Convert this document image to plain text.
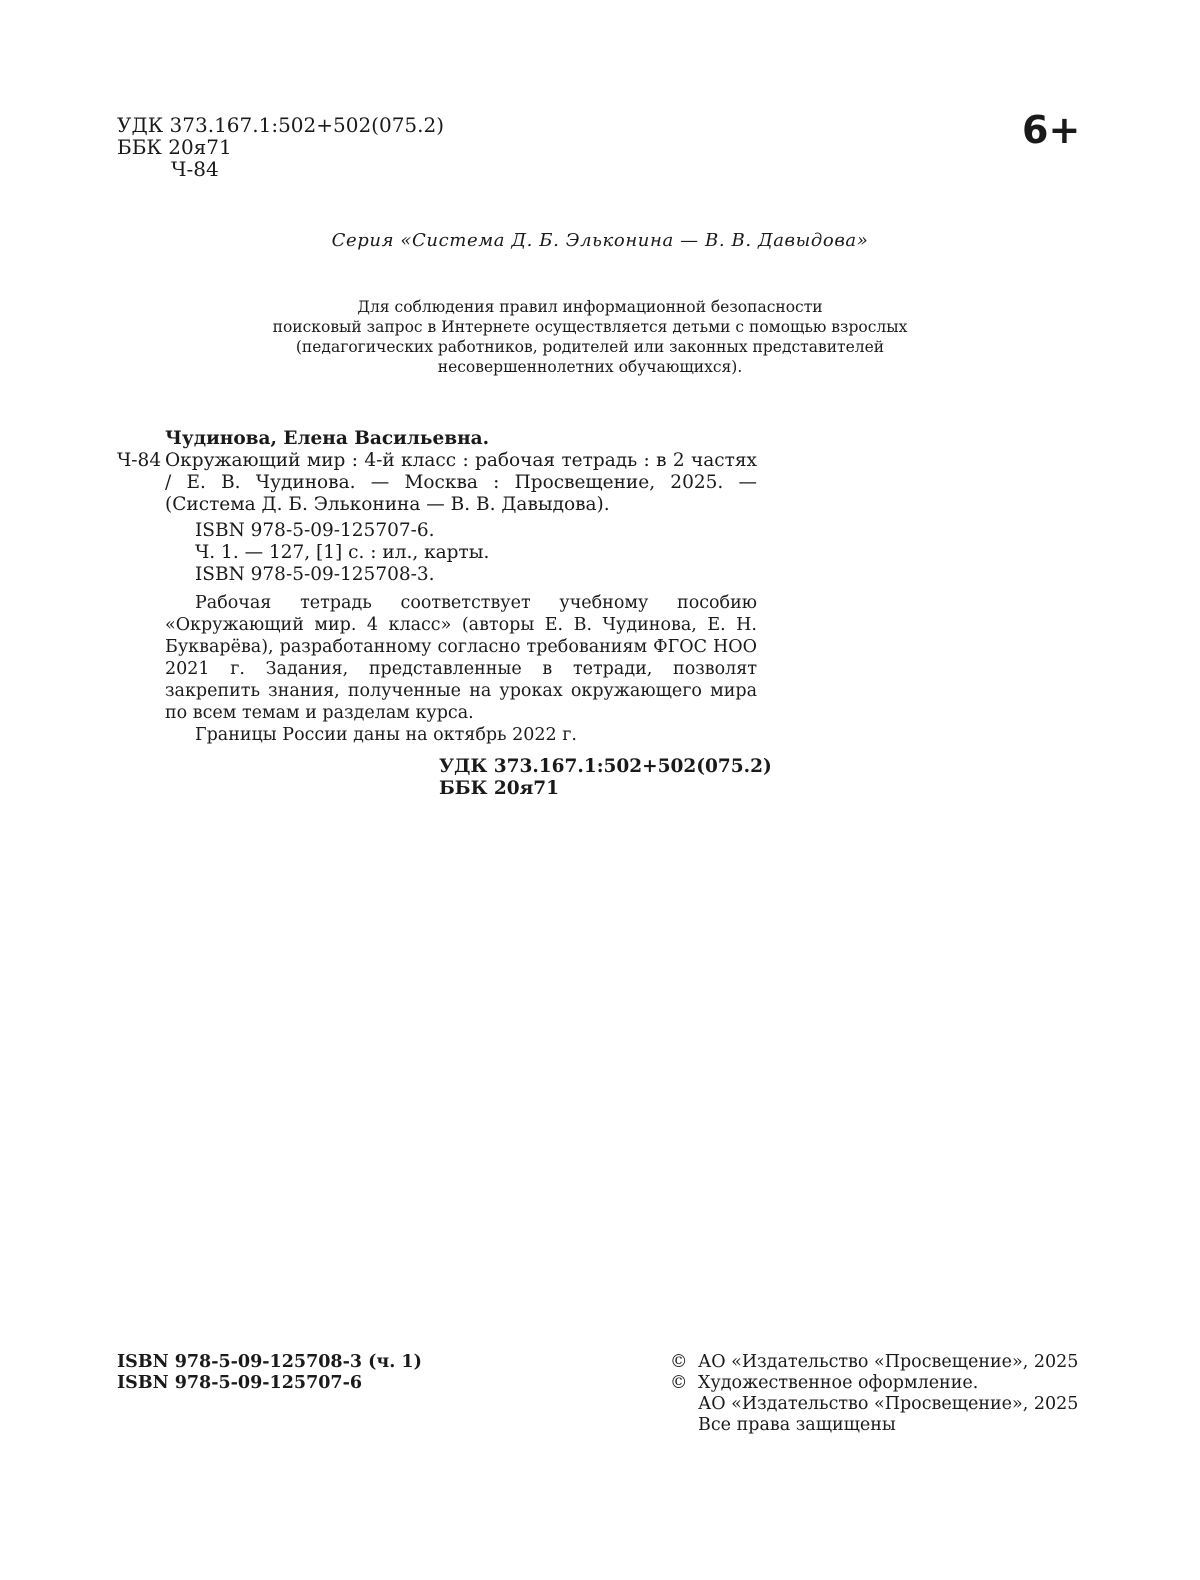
УДК 373.167.1:502+502(075.2)
ББК 20я71
Ч-84
6+
Серия «Система Д. Б. Эльконина — В. В. Давыдова»
Для соблюдения правил информационной безопасности
поисковый запрос в Интернете осуществляется детьми с помощью взрослых
(педагогических работников, родителей или законных представителей
несовершеннолетних обучающихся).
Чудинова, Елена Васильевна.
Ч-84 Окружающий мир : 4-й класс : рабочая тетрадь : в 2 частях / Е. В. Чудинова. — Москва : Просвещение, 2025. — (Система Д. Б. Эльконина — В. В. Давыдова).
ISBN 978-5-09-125707-6.
Ч. 1. — 127, [1] с. : ил., карты.
ISBN 978-5-09-125708-3.

Рабочая тетрадь соответствует учебному пособию «Окружающий мир. 4 класс» (авторы Е. В. Чудинова, Е. Н. Букварёва), разработанному согласно требованиям ФГОС НОО 2021 г. Задания, представленные в тетради, позволят закрепить знания, полученные на уроках окружающего мира по всем темам и разделам курса.

Границы России даны на октябрь 2022 г.

УДК 373.167.1:502+502(075.2)
ББК 20я71
ISBN 978-5-09-125708-3 (ч. 1)
ISBN 978-5-09-125707-6
© АО «Издательство «Просвещение», 2025
© Художественное оформление.
АО «Издательство «Просвещение», 2025
Все права защищены
